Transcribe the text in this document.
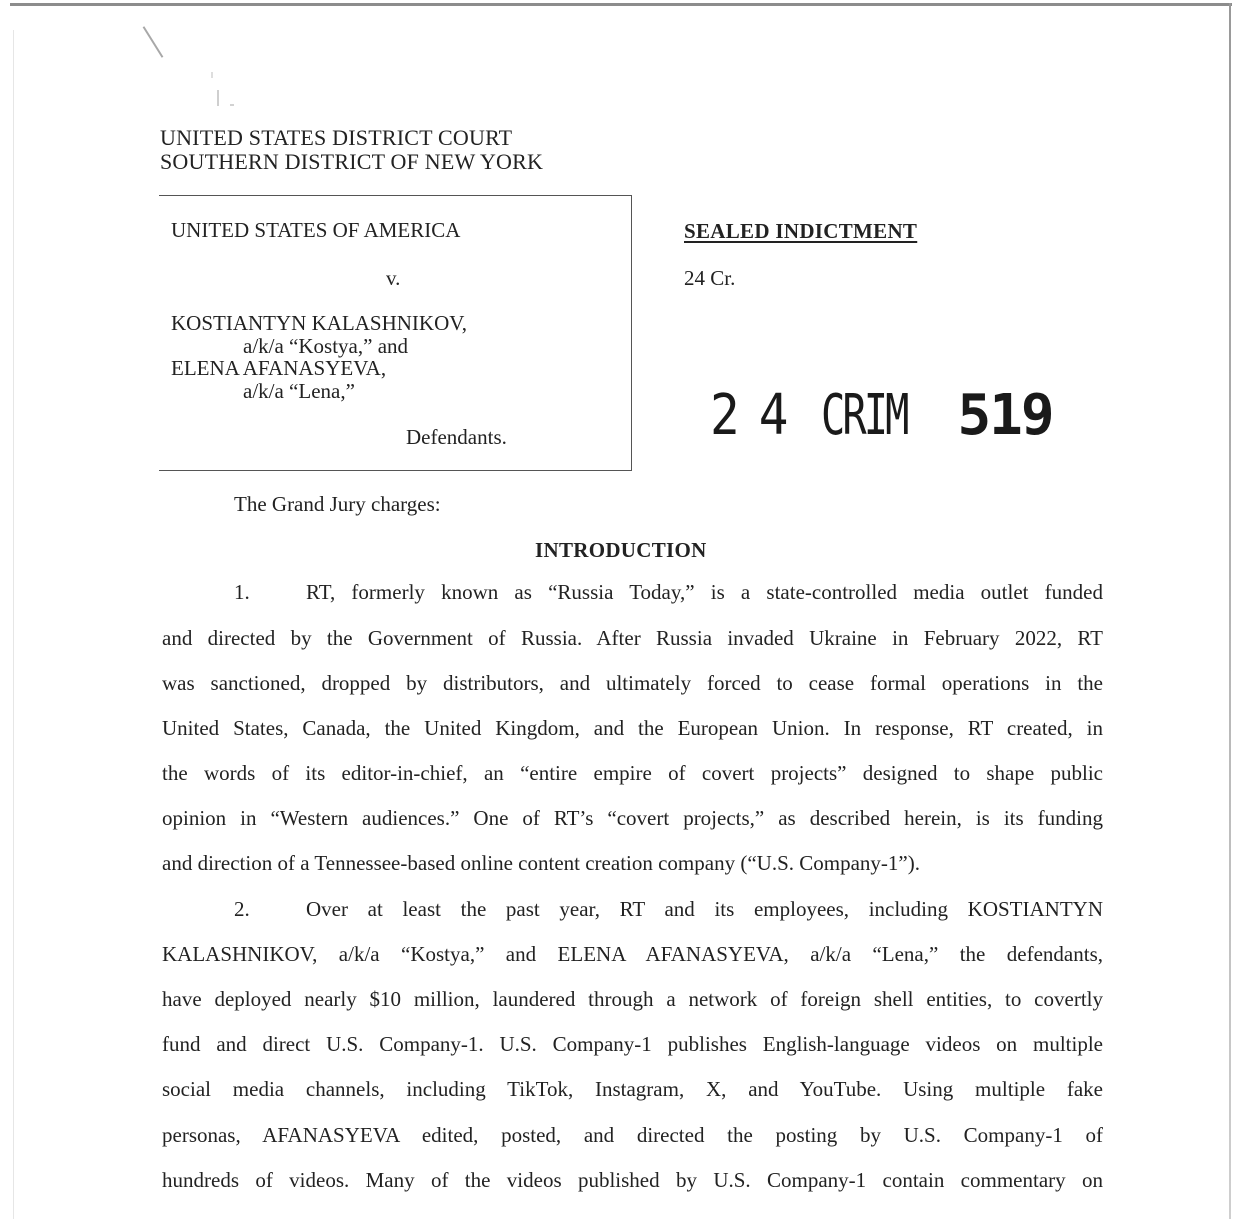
UNITED STATES DISTRICT COURT

SOUTHERN DISTRICT OF NEW YORK

UNITED STATES OF AMERICA

v.

KOSTIANTYN KALASHNIKOV,

a/k/a “Kostya,” and

ELENA AFANASYEVA,

a/k/a “Lena,”

Defendants.

SEALED INDICTMENT

24 Cr.

2 4 CRIM 519

The Grand Jury charges:

INTRODUCTION

1.	RT, formerly known as “Russia Today,” is a state-controlled media outlet funded

and directed by the Government of Russia. After Russia invaded Ukraine in February 2022, RT

was sanctioned, dropped by distributors, and ultimately forced to cease formal operations in the

United States, Canada, the United Kingdom, and the European Union. In response, RT created, in

the words of its editor-in-chief, an “entire empire of covert projects” designed to shape public

opinion in “Western audiences.” One of RT’s “covert projects,” as described herein, is its funding

and direction of a Tennessee-based online content creation company (“U.S. Company-1”).

2.	Over at least the past year, RT and its employees, including KOSTIANTYN

KALASHNIKOV, a/k/a “Kostya,” and ELENA AFANASYEVA, a/k/a “Lena,” the defendants,

have deployed nearly $10 million, laundered through a network of foreign shell entities, to covertly

fund and direct U.S. Company-1. U.S. Company-1 publishes English-language videos on multiple

social media channels, including TikTok, Instagram, X, and YouTube. Using multiple fake

personas, AFANASYEVA edited, posted, and directed the posting by U.S. Company-1 of

hundreds of videos. Many of the videos published by U.S. Company-1 contain commentary on
